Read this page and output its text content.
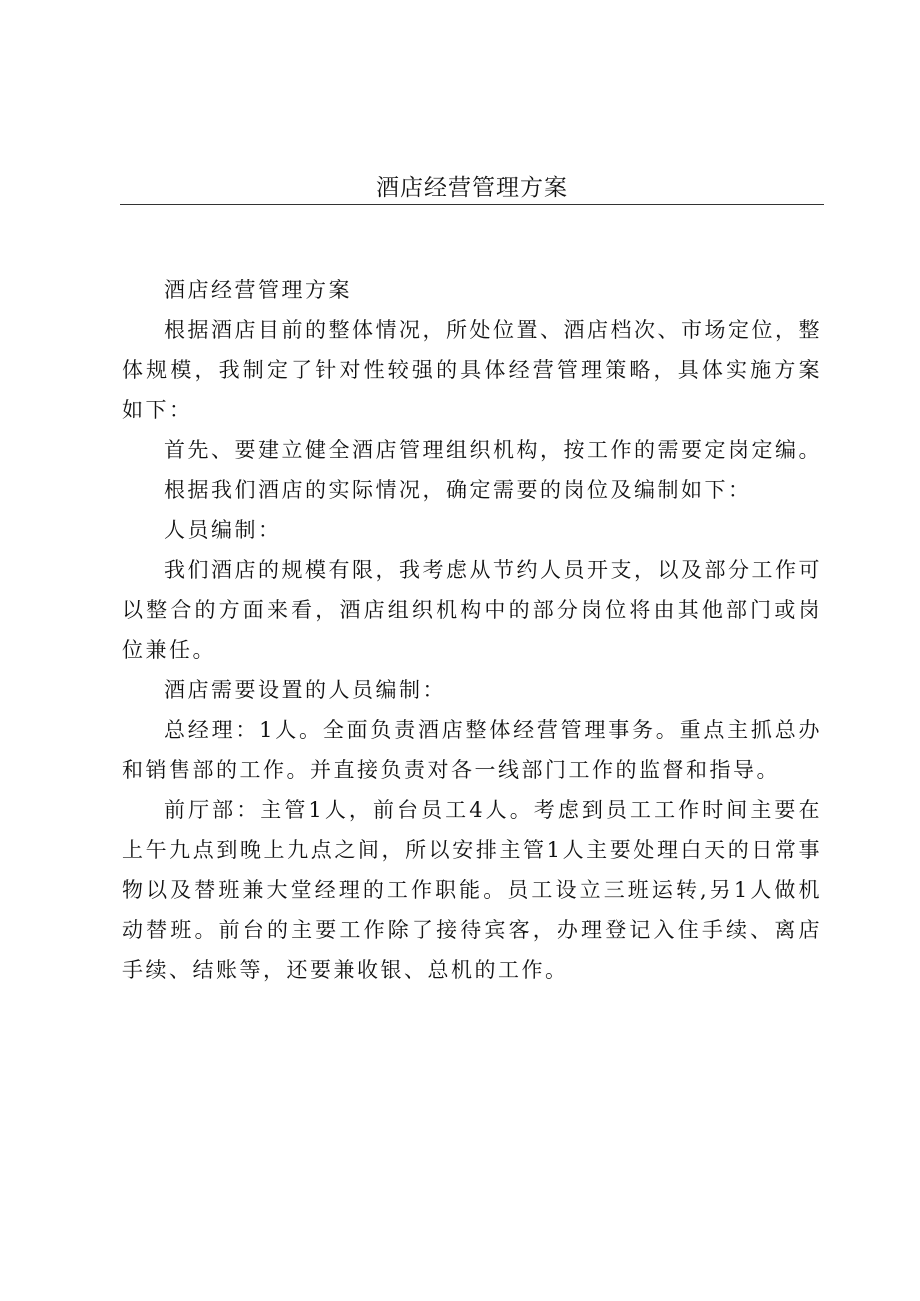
酒店经营管理方案

酒店经营管理方案

根据酒店目前的整体情况，所处位置、酒店档次、市场定位，整体规模，我制定了针对性较强的具体经营管理策略，具体实施方案如下：

首先、要建立健全酒店管理组织机构，按工作的需要定岗定编。

根据我们酒店的实际情况，确定需要的岗位及编制如下：

人员编制：

我们酒店的规模有限，我考虑从节约人员开支，以及部分工作可以整合的方面来看，酒店组织机构中的部分岗位将由其他部门或岗位兼任。

酒店需要设置的人员编制：

总经理：1人。全面负责酒店整体经营管理事务。重点主抓总办和销售部的工作。并直接负责对各一线部门工作的监督和指导。

前厅部：主管1人，前台员工4人。考虑到员工工作时间主要在上午九点到晚上九点之间，所以安排主管1人主要处理白天的日常事物以及替班兼大堂经理的工作职能。员工设立三班运转,另1人做机动替班。前台的主要工作除了接待宾客，办理登记入住手续、离店手续、结账等，还要兼收银、总机的工作。
